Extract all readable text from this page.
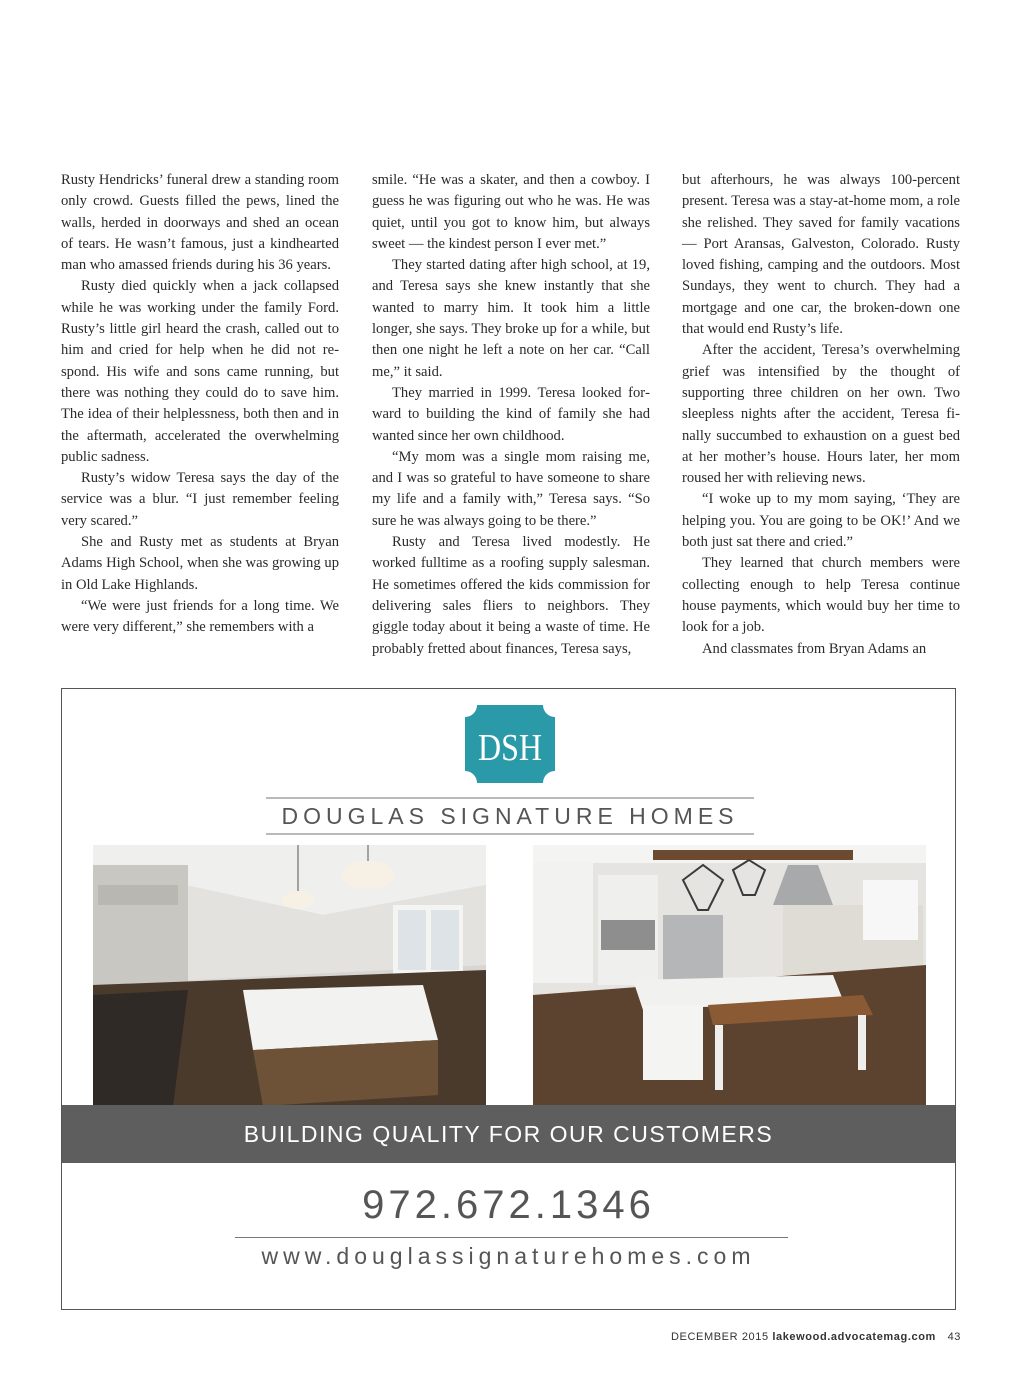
Rusty Hendricks’ funeral drew a standing room only crowd. Guests filled the pews, lined the walls, herded in doorways and shed an ocean of tears. He wasn’t famous, just a kindhearted man who amassed friends during his 36 years.

Rusty died quickly when a jack collapsed while he was working under the family Ford. Rusty’s little girl heard the crash, called out to him and cried for help when he did not respond. His wife and sons came running, but there was nothing they could do to save him. The idea of their helplessness, both then and in the aftermath, accelerated the overwhelming public sadness.

Rusty’s widow Teresa says the day of the service was a blur. “I just remember feeling very scared.”

She and Rusty met as students at Bryan Adams High School, when she was growing up in Old Lake Highlands.

“We were just friends for a long time. We were very different,” she remembers with a

smile. “He was a skater, and then a cowboy. I guess he was figuring out who he was. He was quiet, until you got to know him, but always sweet — the kindest person I ever met.”

They started dating after high school, at 19, and Teresa says she knew instantly that she wanted to marry him. It took him a little longer, she says. They broke up for a while, but then one night he left a note on her car. “Call me,” it said.

They married in 1999. Teresa looked forward to building the kind of family she had wanted since her own childhood.

“My mom was a single mom raising me, and I was so grateful to have someone to share my life and a family with,” Teresa says. “So sure he was always going to be there.”

Rusty and Teresa lived modestly. He worked fulltime as a roofing supply salesman. He sometimes offered the kids commission for delivering sales fliers to neighbors. They giggle today about it being a waste of time. He probably fretted about finances, Teresa says,

but afterhours, he was always 100-percent present. Teresa was a stay-at-home mom, a role she relished. They saved for family vacations — Port Aransas, Galveston, Colorado. Rusty loved fishing, camping and the outdoors. Most Sundays, they went to church. They had a mortgage and one car, the broken-down one that would end Rusty’s life.

After the accident, Teresa’s overwhelming grief was intensified by the thought of supporting three children on her own. Two sleepless nights after the accident, Teresa finally succumbed to exhaustion on a guest bed at her mother’s house. Hours later, her mom roused her with relieving news.

“I woke up to my mom saying, ‘They are helping you. You are going to be OK!’ And we both just sat there and cried.”

They learned that church members were collecting enough to help Teresa continue house payments, which would buy her time to look for a job.

And classmates from Bryan Adams an

DSH
DOUGLAS SIGNATURE HOMES
BUILDING QUALITY FOR OUR CUSTOMERS
972.672.1346
www.douglassignaturehomes.com
DECEMBER 2015 lakewood.advocatemag.com 43
